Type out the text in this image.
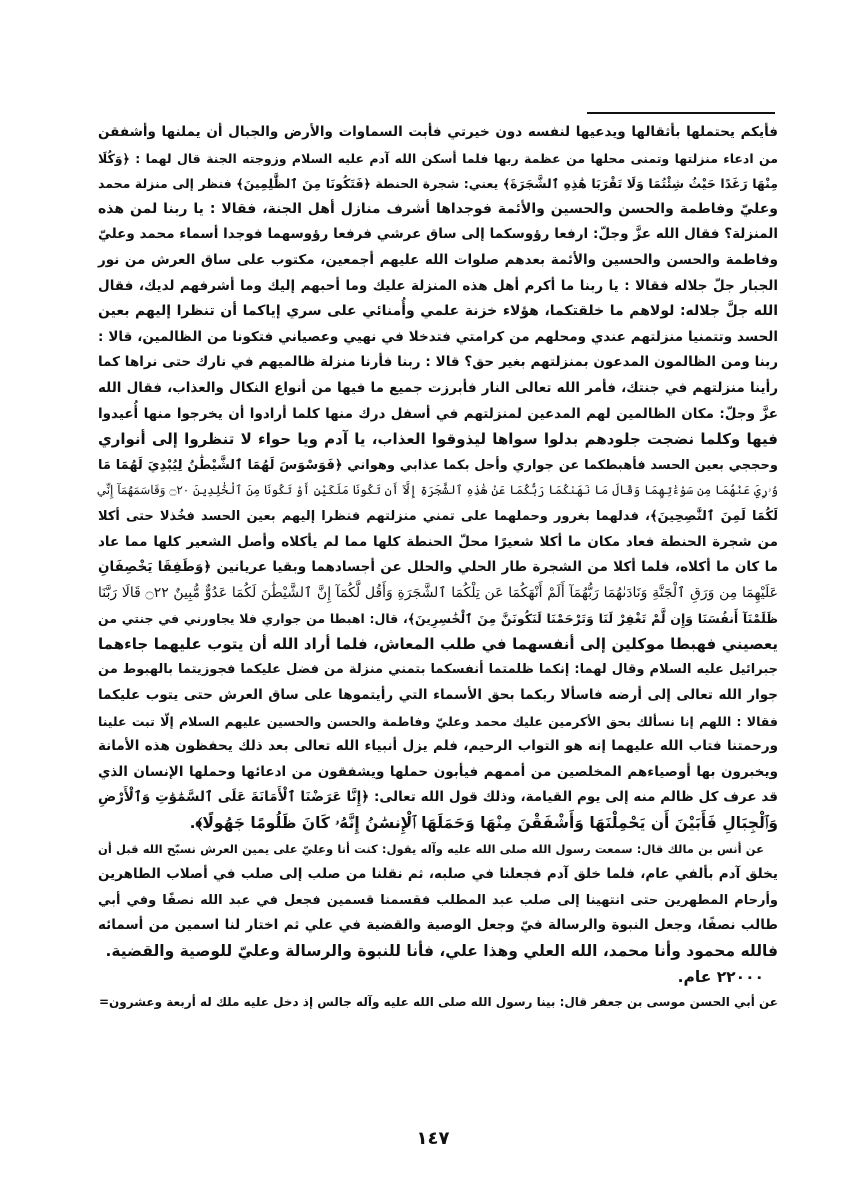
فأيكم يحتملها بأثقالها ويدعيها لنفسه دون خيرتي فأبت السماوات والأرض والجبال أن يملنها وأشفقن
من ادعاء منزلتها وتمنى محلها من عظمة ربها فلما أسكن الله آدم عليه السلام وزوجته الجنة قال لهما : ﴿وَكُلَا
مِنْهَا رَغَدًا حَيْثُ شِئْتُمَا وَلَا تَقْرَبَا هَٰذِهِ ٱلشَّجَرَةَ﴾ يعني: شجرة الحنطة ﴿فَتَكُونَا مِنَ ٱلظَّٰلِمِينَ﴾ فنظر إلى منزلة محمد
وعليّ وفاطمة والحسن والحسين والأئمة فوجداها أشرف منازل أهل الجنة، فقالا : يا ربنا لمن هذه
المنزلة؟ فقال الله عزَّ وجلّ: ارفعا رؤوسكما إلى ساق عرشي فرفعا رؤوسهما فوجدا أسماء محمد وعليّ
وفاطمة والحسن والحسين والأئمة بعدهم صلوات الله عليهم أجمعين، مكتوب على ساق العرش من نور
الجبار جلّ جلاله فقالا : يا ربنا ما أكرم أهل هذه المنزلة عليك وما أحبهم إليك وما أشرفهم لديك، فقال
الله جلَّ جلاله: لولاهم ما خلقتكما، هؤلاء خزنة علمي وأُمنائي على سري إياكما أن تنظرا إليهم بعين
الحسد وتتمنيا منزلتهم عندي ومحلهم من كرامتي فتدخلا في نهيي وعصياني فتكونا من الظالمين، قالا :
ربنا ومن الظالمون المدعون بمنزلتهم بغير حق؟ قالا : ربنا فأرنا منزلة ظالميهم في نارك حتى نراها كما
رأينا منزلتهم في جنتك، فأمر الله تعالى النار فأبرزت جميع ما فيها من أنواع النكال والعذاب، فقال الله
عزَّ وجلّ: مكان الظالمين لهم المدعين لمنزلتهم في أسفل درك منها كلما أرادوا أن يخرجوا منها أُعيدوا
فيها وكلما نضجت جلودهم بدلوا سواها ليذوقوا العذاب، يا آدم ويا حواء لا تنظروا إلى أنواري
وحججي بعين الحسد فأهبطكما عن جواري وأحل بكما عذابي وهواني ﴿فَوَسْوَسَ لَهُمَا ٱلشَّيْطَٰنُ لِيُبْدِيَ لَهُمَا مَا
وُۥرِيَ عَنْهُمَا مِن سَوْءَٰتِهِمَا وَقَالَ مَا نَهَىٰكُمَا رَبُّكُمَا عَنْ هَٰذِهِ ٱلشَّجَرَةِ إِلَّآ أَن تَكُونَا مَلَكَيْنِ أَوْ تَكُونَا مِنَ ٱلْخَٰلِدِينَ ۝٢٠ وَقَاسَمَهُمَآ إِنِّي
لَكُمَا لَمِنَ ٱلنَّٰصِحِينَ﴾، فدلهما بغرور وحملهما على تمني منزلتهم فنظرا إليهم بعين الحسد فخُذلا حتى أكلا
من شجرة الحنطة فعاد مكان ما أكلا شعيرًا محلّ الحنطة كلها مما لم يأكلاه وأصل الشعير كلها مما عاد
ما كان ما أكلاه، فلما أكلا من الشجرة طار الحلي والحلل عن أجسادهما وبقيا عريانين ﴿وَطَفِقَا يَخْصِفَانِ
عَلَيْهِمَا مِن وَرَقِ ٱلْجَنَّةِ وَنَادَىٰهُمَا رَبُّهُمَآ أَلَمْ أَنْهَكُمَا عَن تِلْكُمَا ٱلشَّجَرَةِ وَأَقُل لَّكُمَآ إِنَّ ٱلشَّيْطَٰنَ لَكُمَا عَدُوٌّ مُّبِينٌ ۝٢٢ قَالَا رَبَّنَا
ظَلَمْنَآ أَنفُسَنَا وَإِن لَّمْ تَغْفِرْ لَنَا وَتَرْحَمْنَا لَنَكُونَنَّ مِنَ ٱلْخَٰسِرِينَ﴾، قال: اهبطا من جواري فلا يجاورني في جنتي من
يعصيني فهبطا موكلين إلى أنفسهما في طلب المعاش، فلما أراد الله أن يتوب عليهما جاءهما
جبرائيل عليه السلام وقال لهما: إنكما ظلمتما أنفسكما بتمني منزلة من فضل عليكما فجوزيتما بالهبوط من
جوار الله تعالى إلى أرضه فاسألا ربكما بحق الأسماء التي رأيتموها على ساق العرش حتى يتوب عليكما
فقالا : اللهم إنا نسألك بحق الأكرمين عليك محمد وعليّ وفاطمة والحسن والحسين عليهم السلام إلّا تبت علينا
ورحمتنا فتاب الله عليهما إنه هو التواب الرحيم، فلم يزل أنبياء الله تعالى بعد ذلك يحفظون هذه الأمانة
ويخبرون بها أوصياءهم المخلصين من أممهم فيأبون حملها ويشفقون من ادعائها وحملها الإنسان الذي
قد عرف كل ظالم منه إلى يوم القيامة، وذلك قول الله تعالى: ﴿إِنَّا عَرَضْنَا ٱلْأَمَانَةَ عَلَى ٱلسَّمَٰوَٰتِ وَٱلْأَرْضِ
وَٱلْجِبَالِ فَأَبَيْنَ أَن يَحْمِلْنَهَا وَأَشْفَقْنَ مِنْهَا وَحَمَلَهَا ٱلْإِنسَٰنُ إِنَّهُۥ كَانَ ظَلُومًا جَهُولًا﴾.
عن أنس بن مالك قال: سمعت رسول الله صلى الله عليه وآله يقول: كنت أنا وعليّ على يمين العرش نسبّح الله قبل أن
يخلق آدم بألفي عام، فلما خلق آدم فجعلنا في صلبه، ثم نقلنا من صلب إلى صلب في أصلاب الطاهرين
وأرحام المطهرين حتى انتهينا إلى صلب عبد المطلب فقسمنا قسمين فجعل في عبد الله نصفًا وفي أبي
طالب نصفًا، وجعل النبوة والرسالة فيّ وجعل الوصية والقضية في علي ثم اختار لنا اسمين من أسمائه
فالله محمود وأنا محمد، الله العلي وهذا علي، فأنا للنبوة والرسالة وعليّ للوصية والقضية.
٢٢٠٠٠ عام.
عن أبي الحسن موسى بن جعفر قال: بينا رسول الله صلى الله عليه وآله جالس إذ دخل عليه ملك له أربعة وعشرون=
١٤٧
